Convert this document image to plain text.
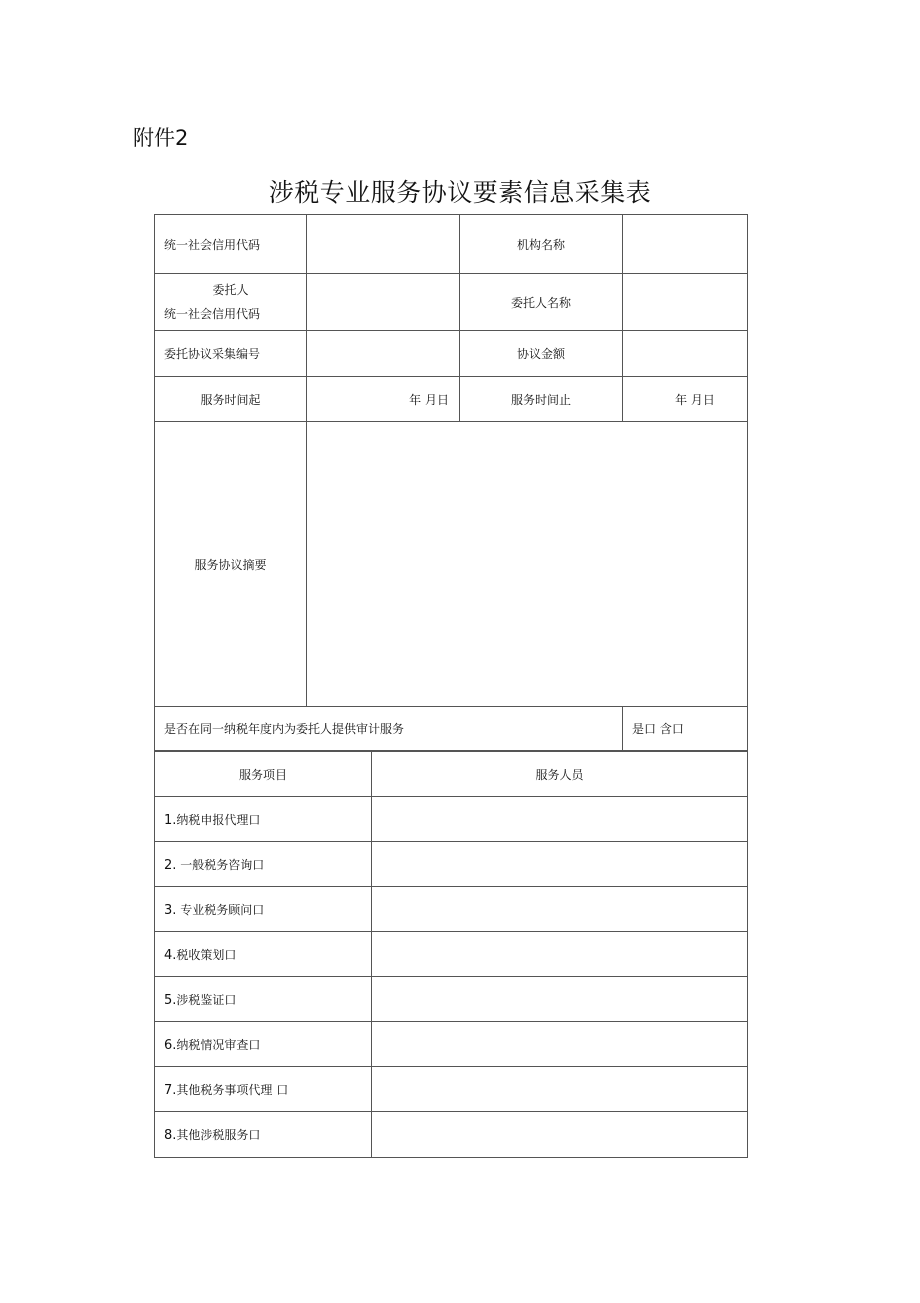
附件2
涉税专业服务协议要素信息采集表
统一社会信用代码		机构名称	

委托人
统一社会信用代码		委托人名称	
委托协议采集编号		协议金额	
服务时间起	年 月日	服务时间止	年 月日
服务协议摘要			
是否在同一纳税年度内为委托人提供审计服务			是口 含口
服务项目	服务人员
1.纳税申报代理口	
2. 一般税务咨询口	
3. 专业税务顾问口	
4.税收策划口	
5.涉税鉴证口	
6.纳税情况审查口	
7.其他税务事项代理 口	
8.其他涉税服务口	
